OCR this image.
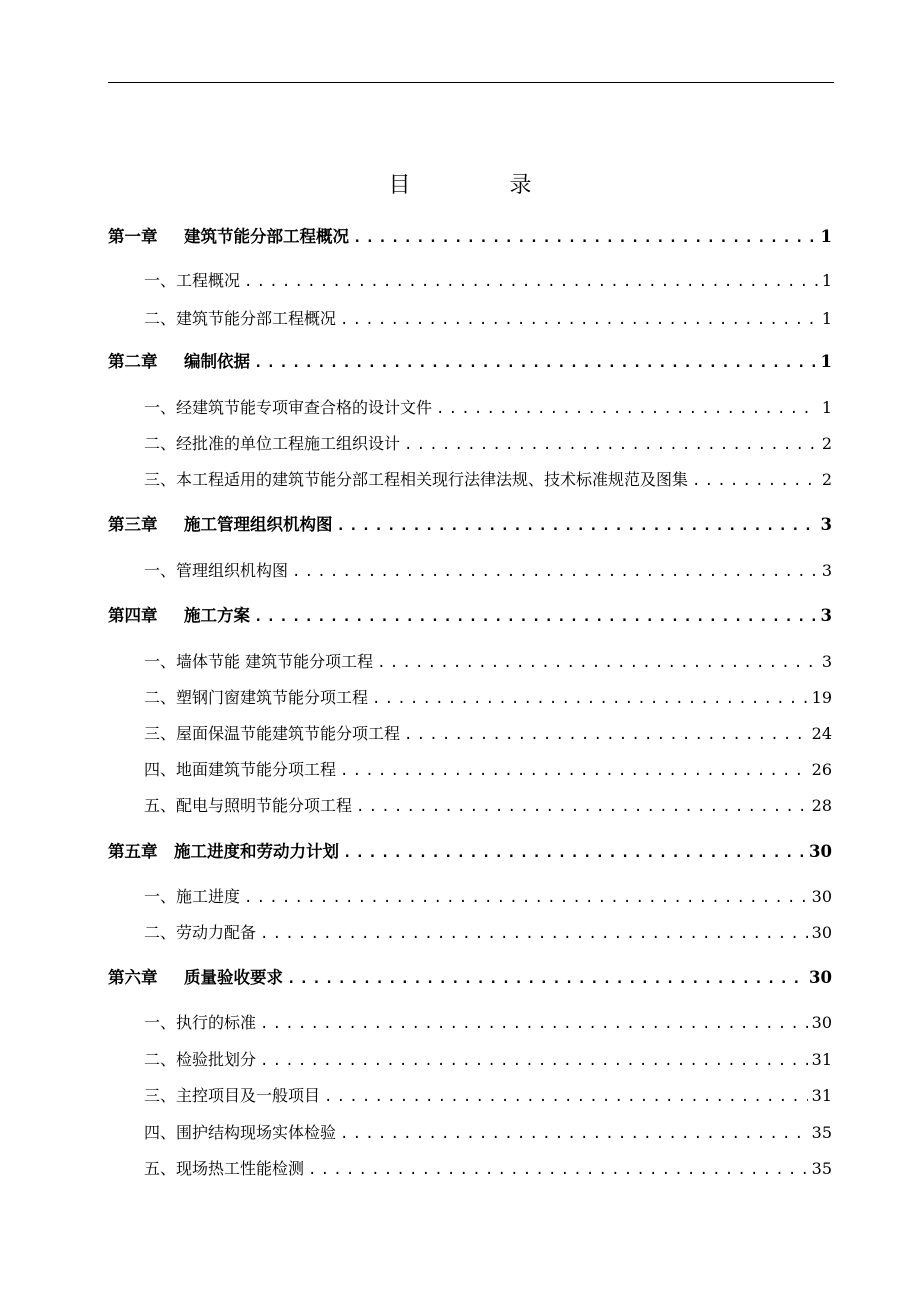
目 录
第一章	建筑节能分部工程概况 .....	1
一、工程概况 .....	1
二、建筑节能分部工程概况 .....	1
第二章	编制依据 .....	1
一、经建筑节能专项审查合格的设计文件 .....	1
二、经批准的单位工程施工组织设计 .....	2
三、本工程适用的建筑节能分部工程相关现行法律法规、技术标准规范及图集 .....	2
第三章	施工管理组织机构图 .....	3
一、管理组织机构图 .....	3
第四章	施工方案 .....	3
一、墙体节能 建筑节能分项工程 .....	3
二、塑钢门窗建筑节能分项工程 .....	19
三、屋面保温节能建筑节能分项工程 .....	24
四、地面建筑节能分项工程 .....	26
五、配电与照明节能分项工程 .....	28
第五章	施工进度和劳动力计划 .....	30
一、施工进度 .....	30
二、劳动力配备 .....	30
第六章	质量验收要求 .....	30
一、执行的标准 .....	30
二、检验批划分 .....	31
三、主控项目及一般项目 .....	31
四、围护结构现场实体检验 .....	35
五、现场热工性能检测 .....	35
